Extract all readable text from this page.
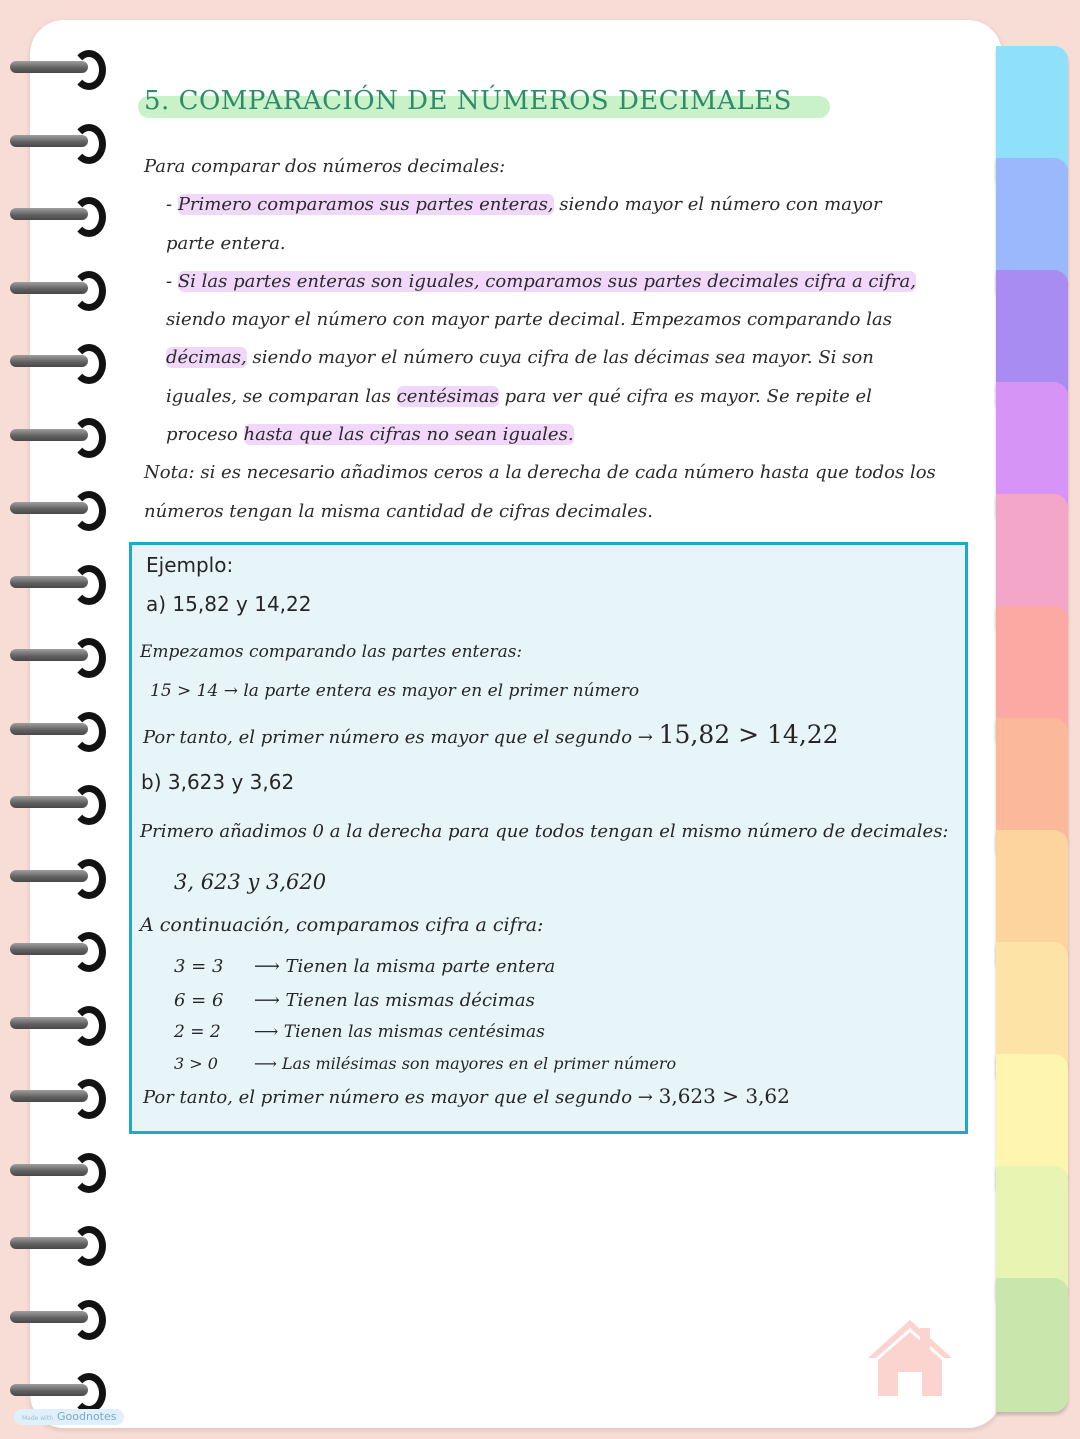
5. COMPARACIÓN DE NÚMEROS DECIMALES

Para comparar dos números decimales:

- Primero comparamos sus partes enteras, siendo mayor el número con mayor

parte entera.

- Si las partes enteras son iguales, comparamos sus partes decimales cifra a cifra,

siendo mayor el número con mayor parte decimal. Empezamos comparando las

décimas, siendo mayor el número cuya cifra de las décimas sea mayor. Si son

iguales, se comparan las centésimas para ver qué cifra es mayor. Se repite el

proceso hasta que las cifras no sean iguales.

Nota: si es necesario añadimos ceros a la derecha de cada número hasta que todos los

números tengan la misma cantidad de cifras decimales.

Ejemplo:

a) 15,82 y 14,22

Empezamos comparando las partes enteras:

15 > 14 → la parte entera es mayor en el primer número

Por tanto, el primer número es mayor que el segundo → 15,82 > 14,22

b) 3,623 y 3,62

Primero añadimos 0 a la derecha para que todos tengan el mismo número de decimales:

3, 623 y 3,620

A continuación, comparamos cifra a cifra:

3 = 3 ⟶ Tienen la misma parte entera

6 = 6 ⟶ Tienen las mismas décimas

2 = 2 ⟶ Tienen las mismas centésimas

3 > 0 ⟶ Las milésimas son mayores en el primer número

Por tanto, el primer número es mayor que el segundo → 3,623 > 3,62

Made with Goodnotes
